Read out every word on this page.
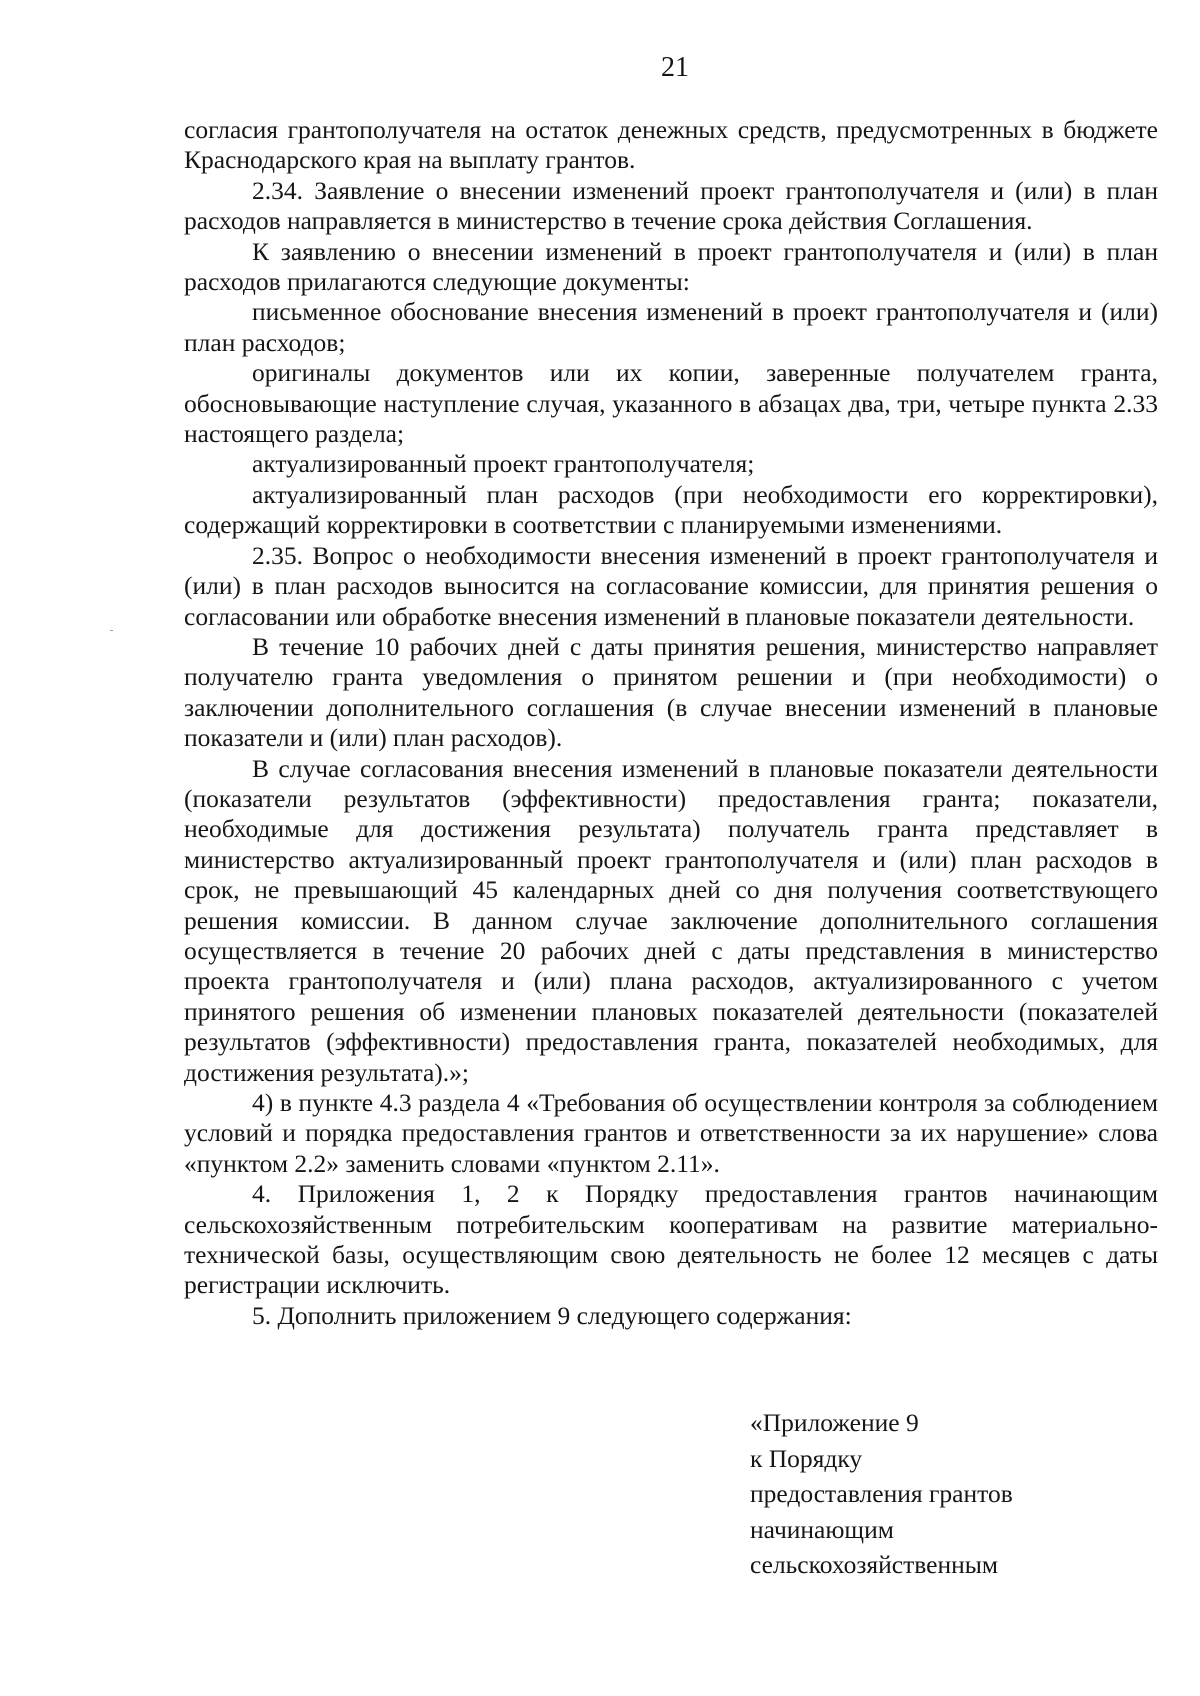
21

согласия грантополучателя на остаток денежных средств, предусмотренных в бюджете Краснодарского края на выплату грантов.

2.34. Заявление о внесении изменений проект грантополучателя и (или) в план расходов направляется в министерство в течение срока действия Соглашения.

К заявлению о внесении изменений в проект грантополучателя и (или) в план расходов прилагаются следующие документы:

письменное обоснование внесения изменений в проект грантополучателя и (или) план расходов;

оригиналы документов или их копии, заверенные получателем гранта, обосновывающие наступление случая, указанного в абзацах два, три, четыре пункта 2.33 настоящего раздела;

актуализированный проект грантополучателя;

актуализированный план расходов (при необходимости его корректировки), содержащий корректировки в соответствии с планируемыми изменениями.

2.35. Вопрос о необходимости внесения изменений в проект грантополучателя и (или) в план расходов выносится на согласование комиссии, для принятия решения о согласовании или обработке внесения изменений в плановые показатели деятельности.

В течение 10 рабочих дней с даты принятия решения, министерство направляет получателю гранта уведомления о принятом решении и (при необходимости) о заключении дополнительного соглашения (в случае внесении изменений в плановые показатели и (или) план расходов).

В случае согласования внесения изменений в плановые показатели деятельности (показатели результатов (эффективности) предоставления гранта; показатели, необходимые для достижения результата) получатель гранта представляет в министерство актуализированный проект грантополучателя и (или) план расходов в срок, не превышающий 45 календарных дней со дня получения соответствующего решения комиссии. В данном случае заключение дополнительного соглашения осуществляется в течение 20 рабочих дней с даты представления в министерство проекта грантополучателя и (или) плана расходов, актуализированного с учетом принятого решения об изменении плановых показателей деятельности (показателей результатов (эффективности) предоставления гранта, показателей необходимых, для достижения результата).»;

4) в пункте 4.3 раздела 4 «Требования об осуществлении контроля за соблюдением условий и порядка предоставления грантов и ответственности за их нарушение» слова «пунктом 2.2» заменить словами «пунктом 2.11».

4. Приложения 1, 2 к Порядку предоставления грантов начинающим сельскохозяйственным потребительским кооперативам на развитие материально-технической базы, осуществляющим свою деятельность не более 12 месяцев с даты регистрации исключить.

5. Дополнить приложением 9 следующего содержания:

«Приложение 9
к Порядку
предоставления грантов
начинающим
сельскохозяйственным
